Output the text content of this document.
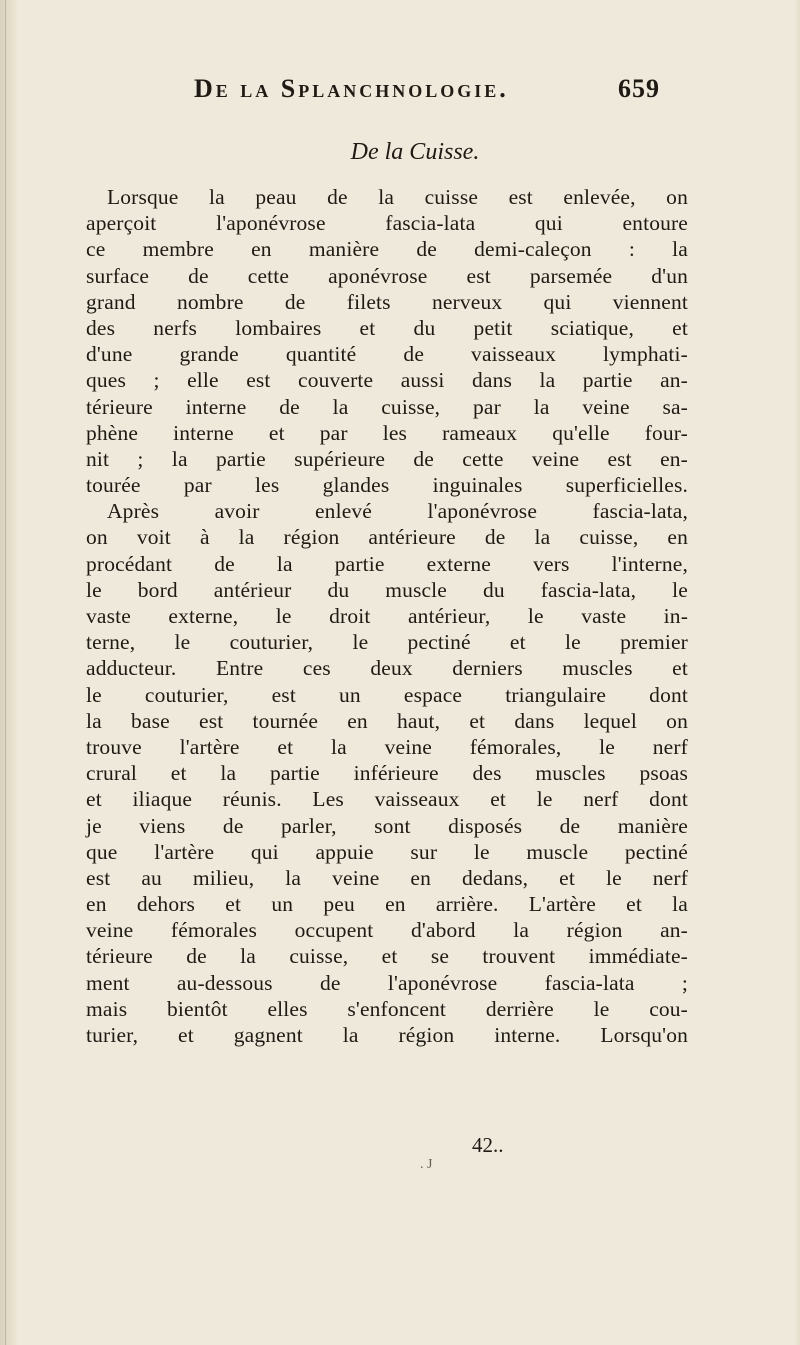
De la Splanchnologie.	659
De la Cuisse.
Lorsque la peau de la cuisse est enlevée, on
aperçoit l'aponévrose fascia-lata qui entoure
ce membre en manière de demi-caleçon : la
surface de cette aponévrose est parsemée d'un
grand nombre de filets nerveux qui viennent
des nerfs lombaires et du petit sciatique, et
d'une grande quantité de vaisseaux lymphati-
ques ; elle est couverte aussi dans la partie an-
térieure interne de la cuisse, par la veine sa-
phène interne et par les rameaux qu'elle four-
nit ; la partie supérieure de cette veine est en-
tourée par les glandes inguinales superficielles.
Après avoir enlevé l'aponévrose fascia-lata,
on voit à la région antérieure de la cuisse, en
procédant de la partie externe vers l'interne,
le bord antérieur du muscle du fascia-lata, le
vaste externe, le droit antérieur, le vaste in-
terne, le couturier, le pectiné et le premier
adducteur. Entre ces deux derniers muscles et
le couturier, est un espace triangulaire dont
la base est tournée en haut, et dans lequel on
trouve l'artère et la veine fémorales, le nerf
crural et la partie inférieure des muscles psoas
et iliaque réunis. Les vaisseaux et le nerf dont
je viens de parler, sont disposés de manière
que l'artère qui appuie sur le muscle pectiné
est au milieu, la veine en dedans, et le nerf
en dehors et un peu en arrière. L'artère et la
veine fémorales occupent d'abord la région an-
térieure de la cuisse, et se trouvent immédiate-
ment au-dessous de l'aponévrose fascia-lata ;
mais bientôt elles s'enfoncent derrière le cou-
turier, et gagnent la région interne. Lorsqu'on
42..
. J
